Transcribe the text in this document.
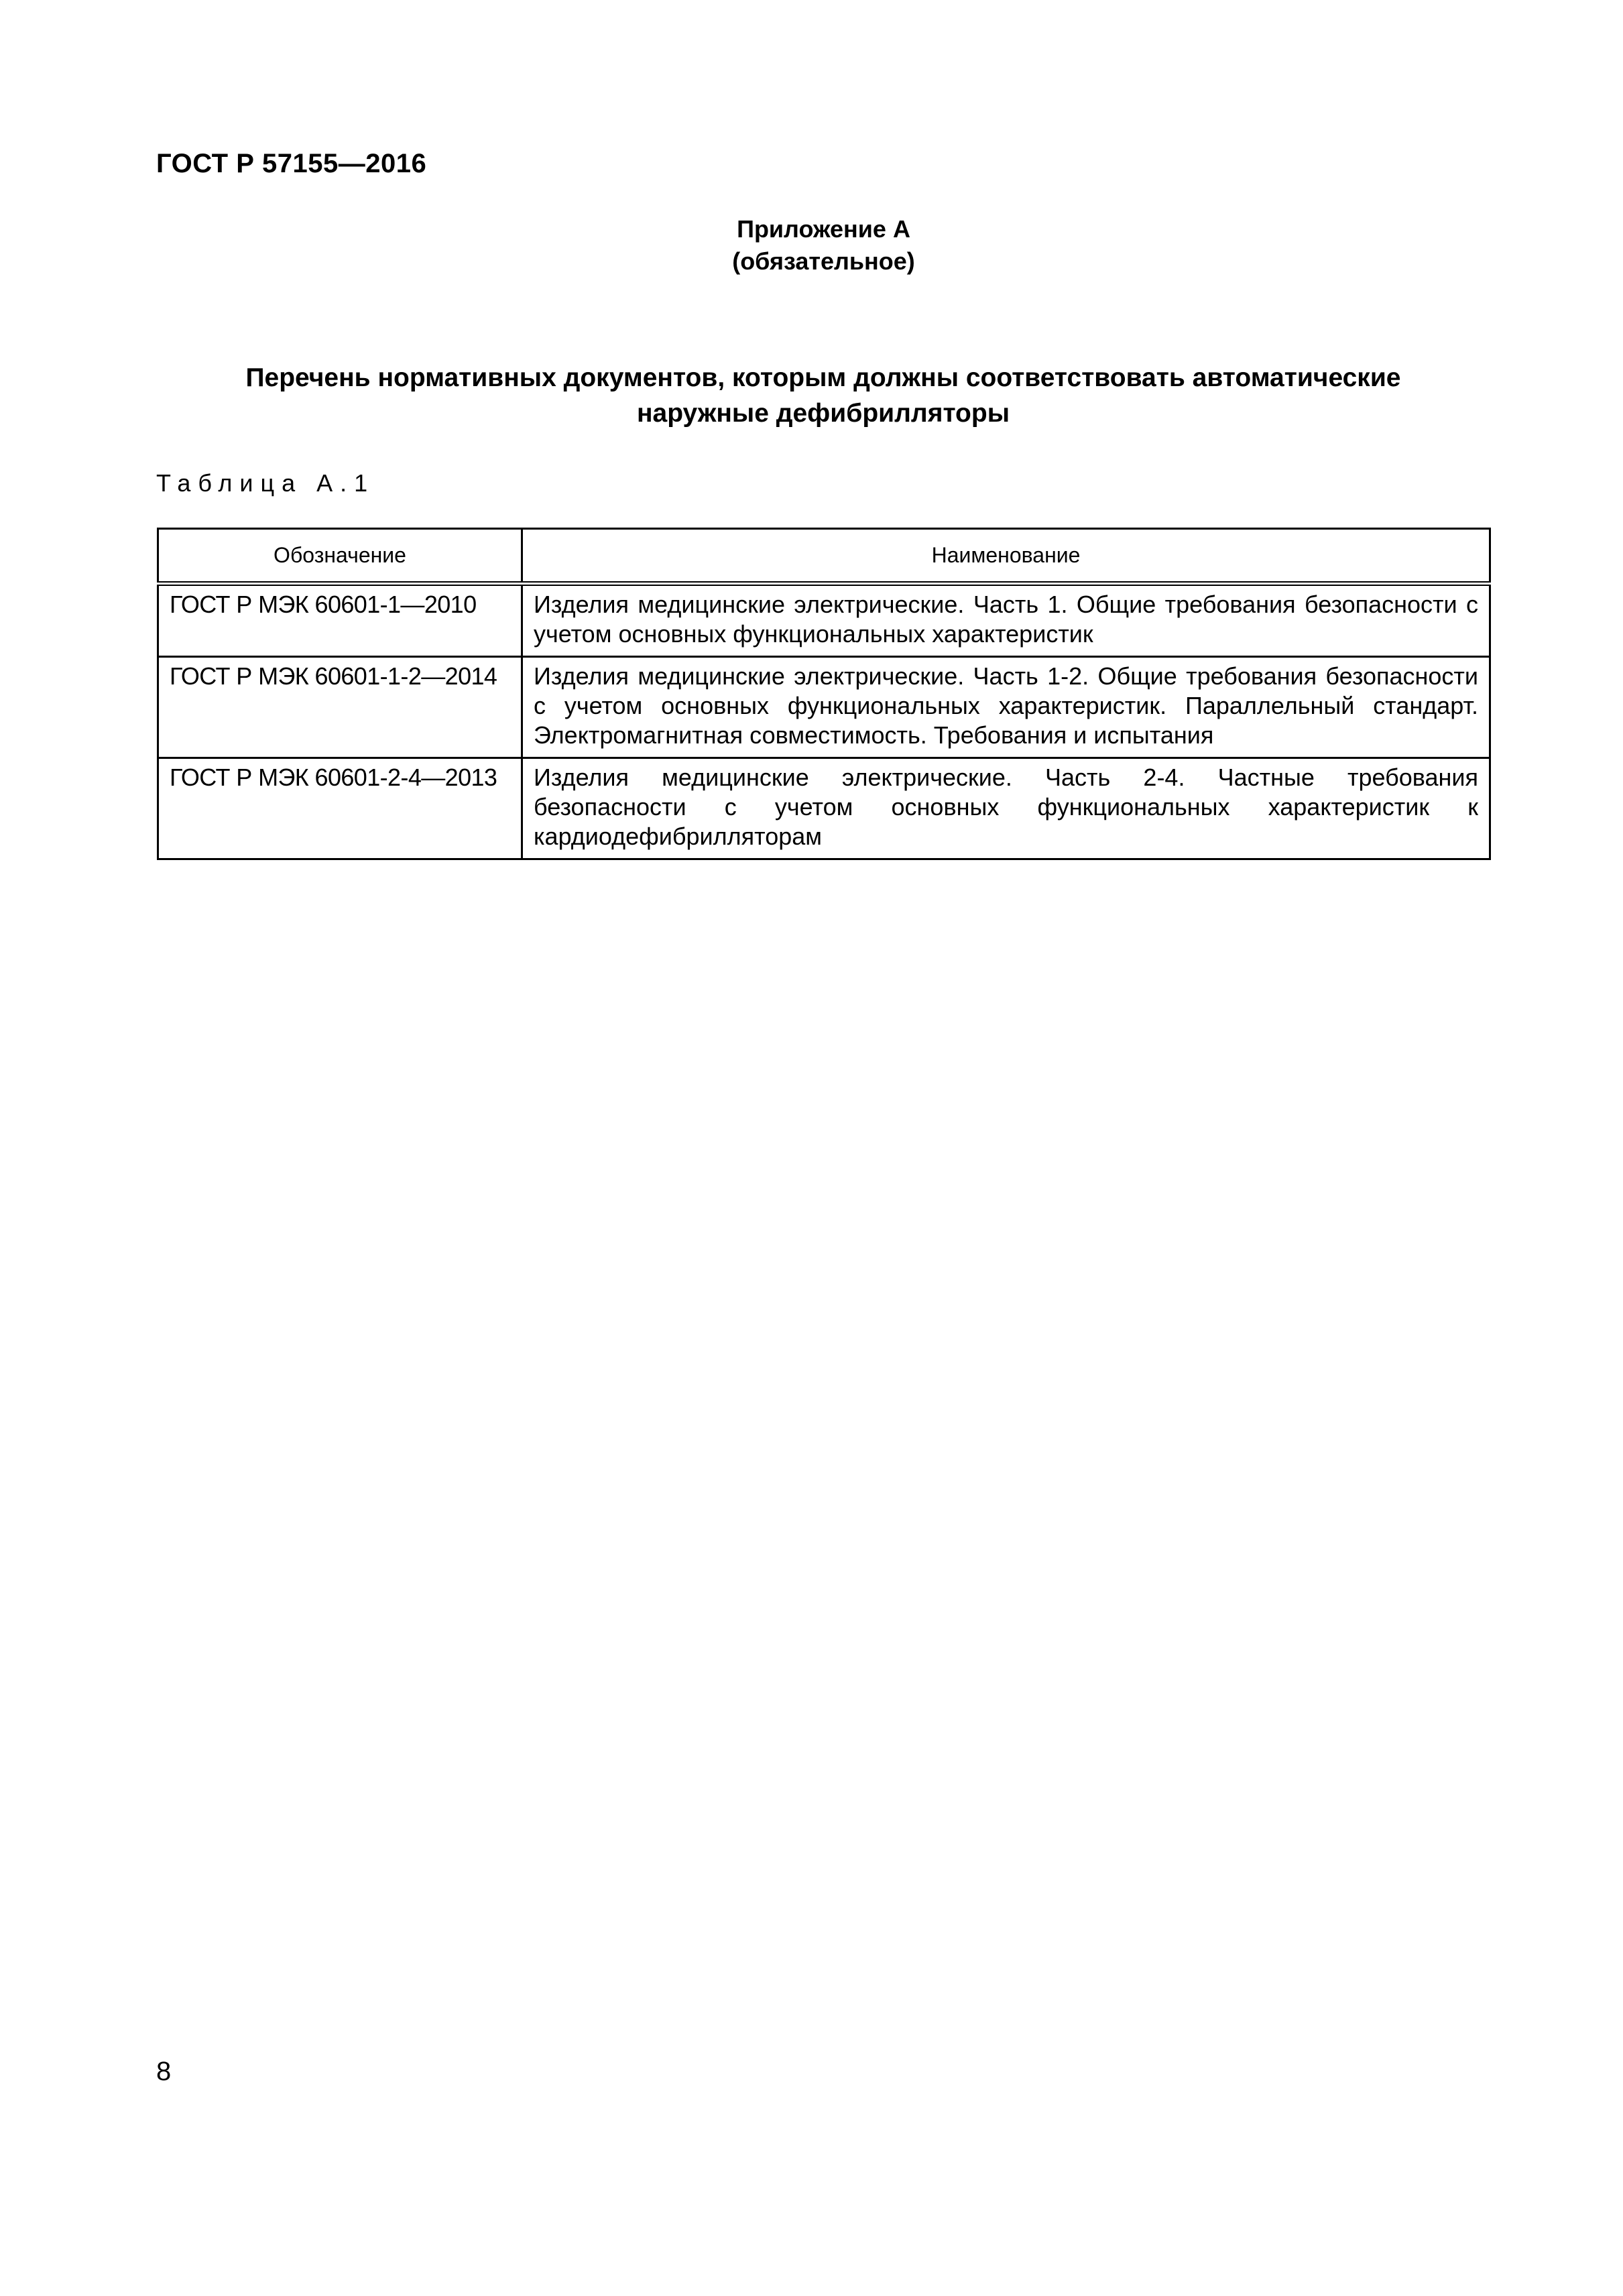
ГОСТ Р 57155—2016
Приложение А
(обязательное)
Перечень нормативных документов, которым должны соответствовать автоматические
наружные дефибрилляторы
Таблица А.1
Обозначение	Наименование
ГОСТ Р МЭК 60601-1—2010	Изделия медицинские электрические. Часть 1. Общие требования безопасности с учетом основных функциональных характеристик
ГОСТ Р МЭК 60601-1-2—2014	Изделия медицинские электрические. Часть 1-2. Общие требования безопасности с учетом основных функциональных характеристик. Параллельный стандарт. Электромагнитная совместимость. Требования и испытания
ГОСТ Р МЭК 60601-2-4—2013	Изделия медицинские электрические. Часть 2-4. Частные требования безопасности с учетом основных функциональных характеристик к кардиодефибрилляторам
8
